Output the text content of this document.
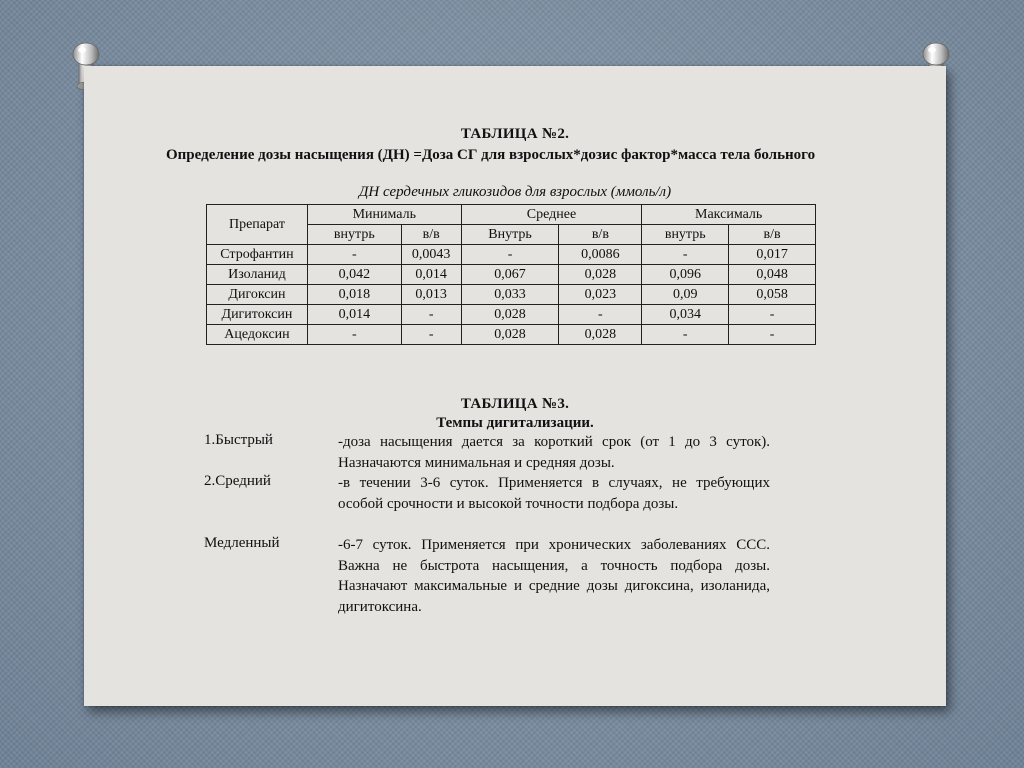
ТАБЛИЦА №2.
Определение дозы насыщения (ДН) =Доза СГ для взрослых*дозис фактор*масса тела больного
ДН сердечных гликозидов для взрослых (ммоль/л)
Препарат	Минималь		Среднее		Максималь	
	внутрь	в/в	Внутрь	в/в	внутрь	в/в
Строфантин	-	0,0043	-	0,0086	-	0,017
Изоланид	0,042	0,014	0,067	0,028	0,096	0,048
Дигоксин	0,018	0,013	0,033	0,023	0,09	0,058
Дигитоксин	0,014	-	0,028	-	0,034	-
Ацедоксин	-	-	0,028	0,028	-	-
ТАБЛИЦА №3.
Темпы дигитализации.
1.Быстрый	-доза насыщения дается за короткий срок (от 1 до 3 суток). Назначаются минимальная и средняя дозы.
2.Средний	-в течении 3-6 суток. Применяется в случаях, не требующих особой срочности и высокой точности подбора дозы.
Медленный	-6-7 суток. Применяется при хронических заболеваниях ССС. Важна не быстрота насыщения, а точность подбора дозы. Назначают максимальные и средние дозы дигоксина, изоланида, дигитоксина.
